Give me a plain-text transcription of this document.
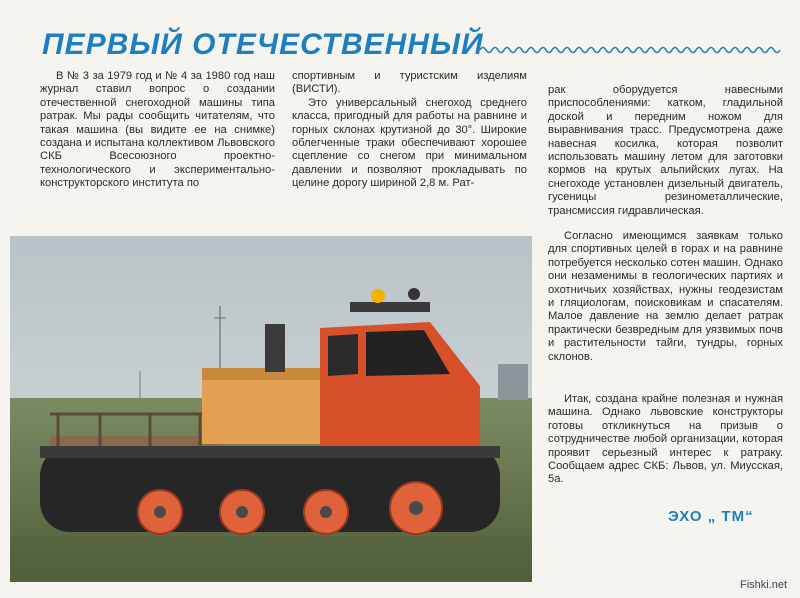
ПЕРВЫЙ ОТЕЧЕСТВЕННЫЙ

В № 3 за 1979 год и № 4 за 1980 год наш журнал ставил вопрос о создании отечественной снегоходной машины типа ратрак. Мы рады сообщить читателям, что такая машина (вы видите ее на снимке) создана и испытана коллективом Львовского СКБ Всесоюзного проектно-технологического и экспериментально-конструкторского института по

спортивным и туристским изделиям (ВИСТИ).

Это универсальный снегоход среднего класса, пригодный для работы на равнине и горных склонах крутизной до 30°. Широкие облегченные траки обеспечивают хорошее сцепление со снегом при минимальном давлении и позволяют прокладывать по целине дорогу шириной 2,8 м. Рат-

рак оборудуется навесными приспособлениями: катком, гладильной доской и передним ножом для выравнивания трасс. Предусмотрена даже навесная косилка, которая позволит использовать машину летом для заготовки кормов на крутых альпийских лугах. На снегоходе установлен дизельный двигатель, гусеницы резинометаллические, трансмиссия гидравлическая.

Согласно имеющимся заявкам только для спортивных целей в горах и на равнине потребуется несколько сотен машин. Однако они незаменимы в геологических партиях и охотничьих хозяйствах, нужны геодезистам и гляциологам, поисковикам и спасателям. Малое давление на землю делает ратрак практически безвредным для уязвимых почв и растительности тайги, тундры, горных склонов.

Итак, создана крайне полезная и нужная машина. Однако львовские конструкторы готовы откликнуться на призыв о сотрудничестве любой организации, которая проявит серьезный интерес к ратраку. Сообщаем адрес СКБ: Львов, ул. Миусская, 5а.

ЭХО „ ТМ“
Fishki.net
